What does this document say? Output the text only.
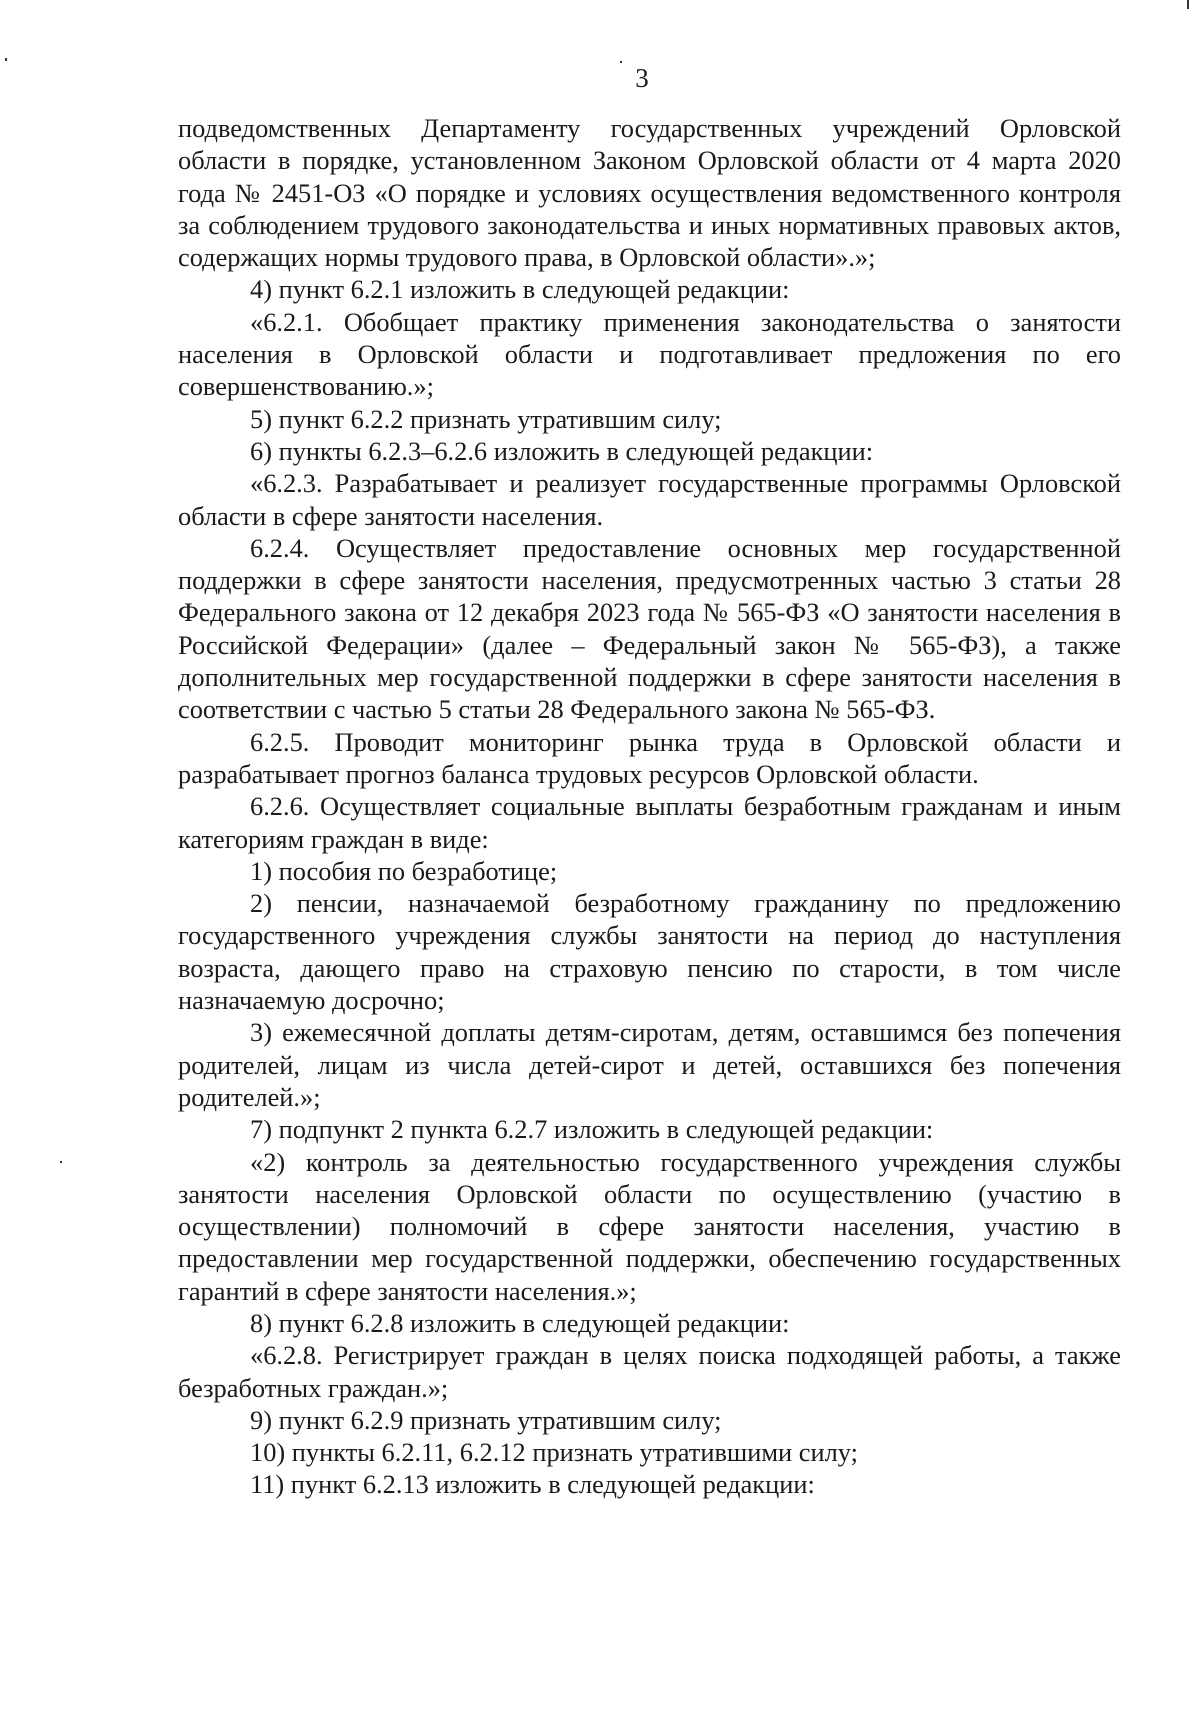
3

подведомственных Департаменту государственных учреждений Орловской области в порядке, установленном Законом Орловской области от 4 марта 2020 года № 2451-ОЗ «О порядке и условиях осуществления ведомственного контроля за соблюдением трудового законодательства и иных нормативных правовых актов, содержащих нормы трудового права, в Орловской области».»;

4) пункт 6.2.1 изложить в следующей редакции:

«6.2.1. Обобщает практику применения законодательства о занятости населения в Орловской области и подготавливает предложения по его совершенствованию.»;

5) пункт 6.2.2 признать утратившим силу;

6) пункты 6.2.3–6.2.6 изложить в следующей редакции:

«6.2.3. Разрабатывает и реализует государственные программы Орловской области в сфере занятости населения.

6.2.4. Осуществляет предоставление основных мер государственной поддержки в сфере занятости населения, предусмотренных частью 3 статьи 28 Федерального закона от 12 декабря 2023 года № 565-ФЗ «О занятости населения в Российской Федерации» (далее – Федеральный закон № 565-ФЗ), а также дополнительных мер государственной поддержки в сфере занятости населения в соответствии с частью 5 статьи 28 Федерального закона № 565-ФЗ.

6.2.5. Проводит мониторинг рынка труда в Орловской области и разрабатывает прогноз баланса трудовых ресурсов Орловской области.

6.2.6. Осуществляет социальные выплаты безработным гражданам и иным категориям граждан в виде:

1) пособия по безработице;

2) пенсии, назначаемой безработному гражданину по предложению государственного учреждения службы занятости на период до наступления возраста, дающего право на страховую пенсию по старости, в том числе назначаемую досрочно;

3) ежемесячной доплаты детям-сиротам, детям, оставшимся без попечения родителей, лицам из числа детей-сирот и детей, оставшихся без попечения родителей.»;

7) подпункт 2 пункта 6.2.7 изложить в следующей редакции:

«2) контроль за деятельностью государственного учреждения службы занятости населения Орловской области по осуществлению (участию в осуществлении) полномочий в сфере занятости населения, участию в предоставлении мер государственной поддержки, обеспечению государственных гарантий в сфере занятости населения.»;

8) пункт 6.2.8 изложить в следующей редакции:

«6.2.8. Регистрирует граждан в целях поиска подходящей работы, а также безработных граждан.»;

9) пункт 6.2.9 признать утратившим силу;

10) пункты 6.2.11, 6.2.12 признать утратившими силу;

11) пункт 6.2.13 изложить в следующей редакции:
